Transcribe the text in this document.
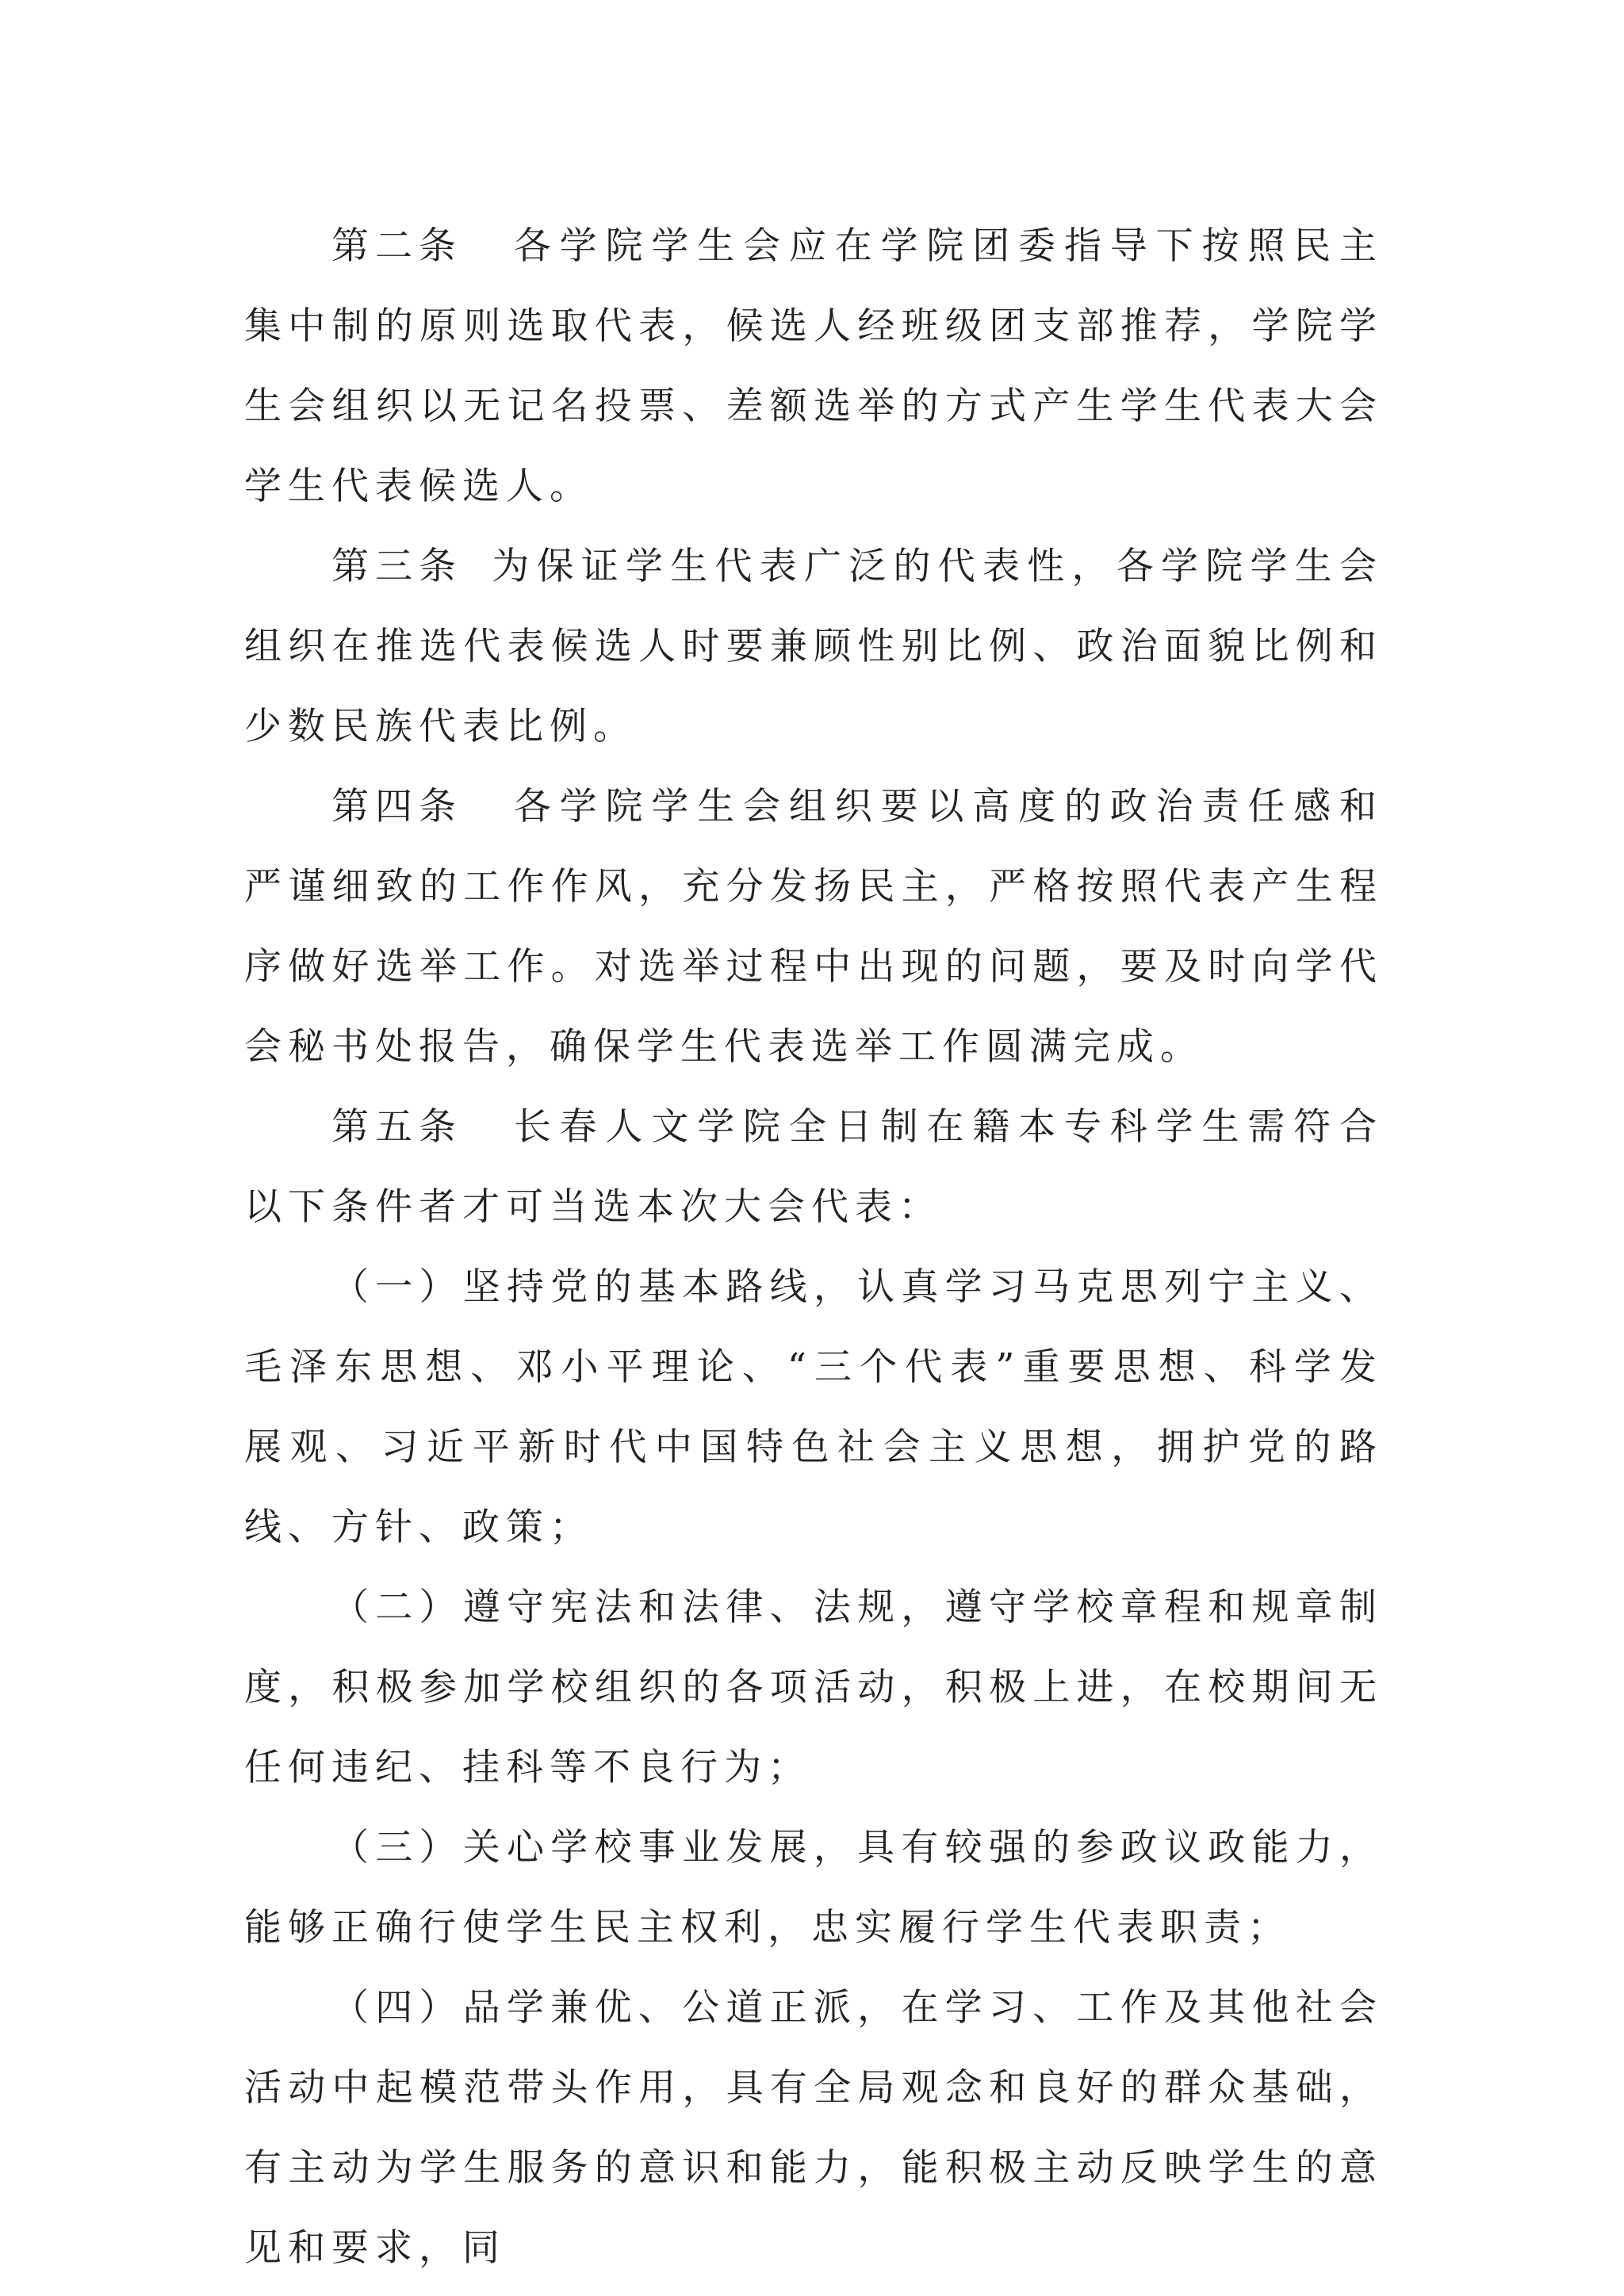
第二条 各学院学生会应在学院团委指导下按照民主集中制的原则选取代表，候选人经班级团支部推荐，学院学生会组织以无记名投票、差额选举的方式产生学生代表大会学生代表候选人。

第三条 为保证学生代表广泛的代表性，各学院学生会组织在推选代表候选人时要兼顾性别比例、政治面貌比例和少数民族代表比例。

第四条 各学院学生会组织要以高度的政治责任感和严谨细致的工作作风，充分发扬民主，严格按照代表产生程序做好选举工作。对选举过程中出现的问题，要及时向学代会秘书处报告，确保学生代表选举工作圆满完成。

第五条 长春人文学院全日制在籍本专科学生需符合以下条件者才可当选本次大会代表：

（一）坚持党的基本路线，认真学习马克思列宁主义、毛泽东思想、邓小平理论、“三个代表”重要思想、科学发展观、习近平新时代中国特色社会主义思想，拥护党的路线、方针、政策；

（二）遵守宪法和法律、法规，遵守学校章程和规章制度，积极参加学校组织的各项活动，积极上进，在校期间无任何违纪、挂科等不良行为；

（三）关心学校事业发展，具有较强的参政议政能力，能够正确行使学生民主权利，忠实履行学生代表职责；

（四）品学兼优、公道正派，在学习、工作及其他社会活动中起模范带头作用，具有全局观念和良好的群众基础，有主动为学生服务的意识和能力，能积极主动反映学生的意见和要求，同
